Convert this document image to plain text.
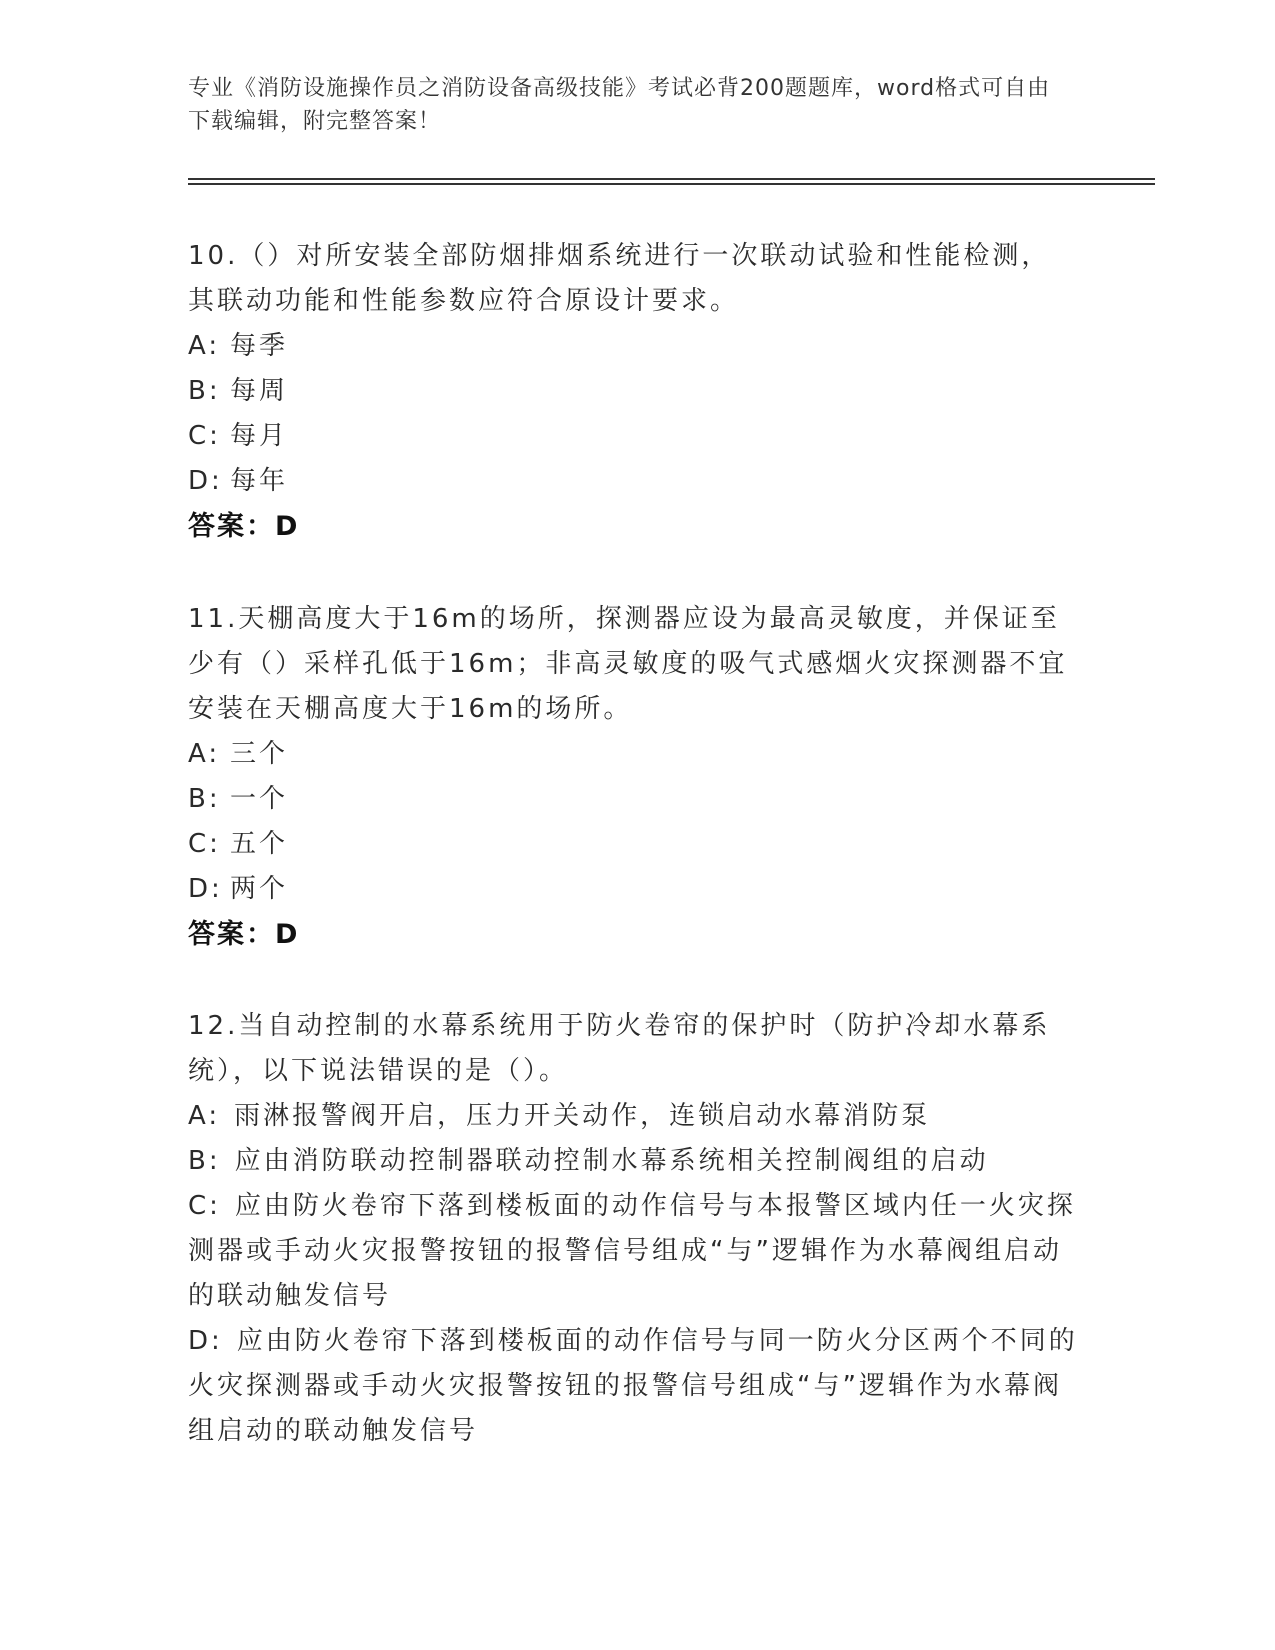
专业《消防设施操作员之消防设备高级技能》考试必背200题题库，word格式可自由下载编辑，附完整答案！
10.（）对所安装全部防烟排烟系统进行一次联动试验和性能检测，其联动功能和性能参数应符合原设计要求。
A: 每季
B: 每周
C: 每月
D: 每年
答案：D
11.天棚高度大于16m的场所，探测器应设为最高灵敏度，并保证至少有（）采样孔低于16m；非高灵敏度的吸气式感烟火灾探测器不宜安装在天棚高度大于16m的场所。
A: 三个
B: 一个
C: 五个
D: 两个
答案：D
12.当自动控制的水幕系统用于防火卷帘的保护时（防护冷却水幕系统），以下说法错误的是（）。
A: 雨淋报警阀开启，压力开关动作，连锁启动水幕消防泵
B: 应由消防联动控制器联动控制水幕系统相关控制阀组的启动
C: 应由防火卷帘下落到楼板面的动作信号与本报警区域内任一火灾探测器或手动火灾报警按钮的报警信号组成“与”逻辑作为水幕阀组启动的联动触发信号
D: 应由防火卷帘下落到楼板面的动作信号与同一防火分区两个不同的火灾探测器或手动火灾报警按钮的报警信号组成“与”逻辑作为水幕阀组启动的联动触发信号
